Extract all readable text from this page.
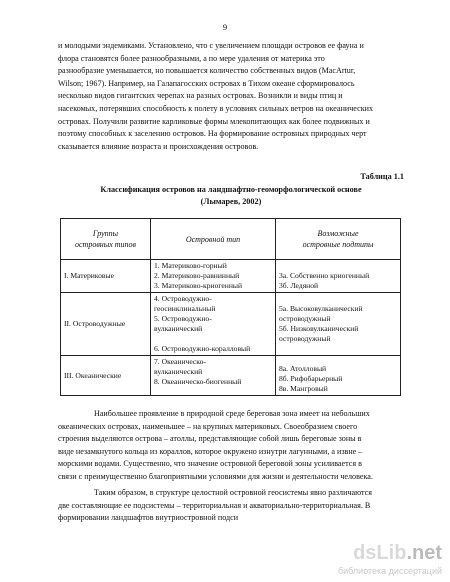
9
и молодыми эндемиками. Установлено, что с увеличением площади островов ее фауна и
флора становятся более разнообразными, а по мере удаления от материка это
разнообразие уменьшается, но повышается количество собственных видов (MacArtur,
Wilson; 1967). Например, на Галапагосских островах в Тихом океане сформировалось
несколько видов гигантских черепах на разных островах. Возникли и виды птиц и
насекомых, потерявших способность к полету в условиях сильных ветров на океанических
островах. Получили развитие карликовые формы млекопитающих как более подвижных и
поэтому способных к заселению островов. На формирование островных природных черт
сказывается влияние возраста и происхождения островов.
Таблица 1.1
Классификация островов на ландшафтно-геоморфологической основе
(Лымарев, 2002)
Группы
островных типов	Островной тип	Возможные
островные подтипы

I. Материковые	1. Материково-горный
2. Материково-равнинный
3. Материково-криогенный	3а. Собственно криогенный
3б. Ледяной

II. Островодужные	4. Островодужно-
геосинклинальный
5. Островодужно-
вулканический
6. Островодужно-коралловый	5а. Высоковулканический
островодужный
5б. Низковулканический
островодужный

III. Океанические	7. Океаническо-
вулканический
8. Океаническо-биогенный	8а. Атолловый
8б. Рифобарьерный
8в. Мангровый
Наибольшее проявление в природной среде береговая зона имеет на небольших
океанических островах, наименьшее – на крупных материковых. Своеобразием своего
строения выделяются острова – атоллы, представляющие собой лишь береговые зоны в
виде незамкнутого кольца из кораллов, которое окружено изнутри лагунными, а извне –
морскими водами. Существенно, что значение островной береговой зоны усиливается в
связи с преимущественно благоприятными условиями для жизни и деятельности человека.
Таким образом, в структуре целостной островной геосистемы явно различаются
две составляющие ее подсистемы – территориальная и акваториально-территориальная. В
формировании ландшафтов внутриостровной подси
dsLib.net
библиотека диссертаций
